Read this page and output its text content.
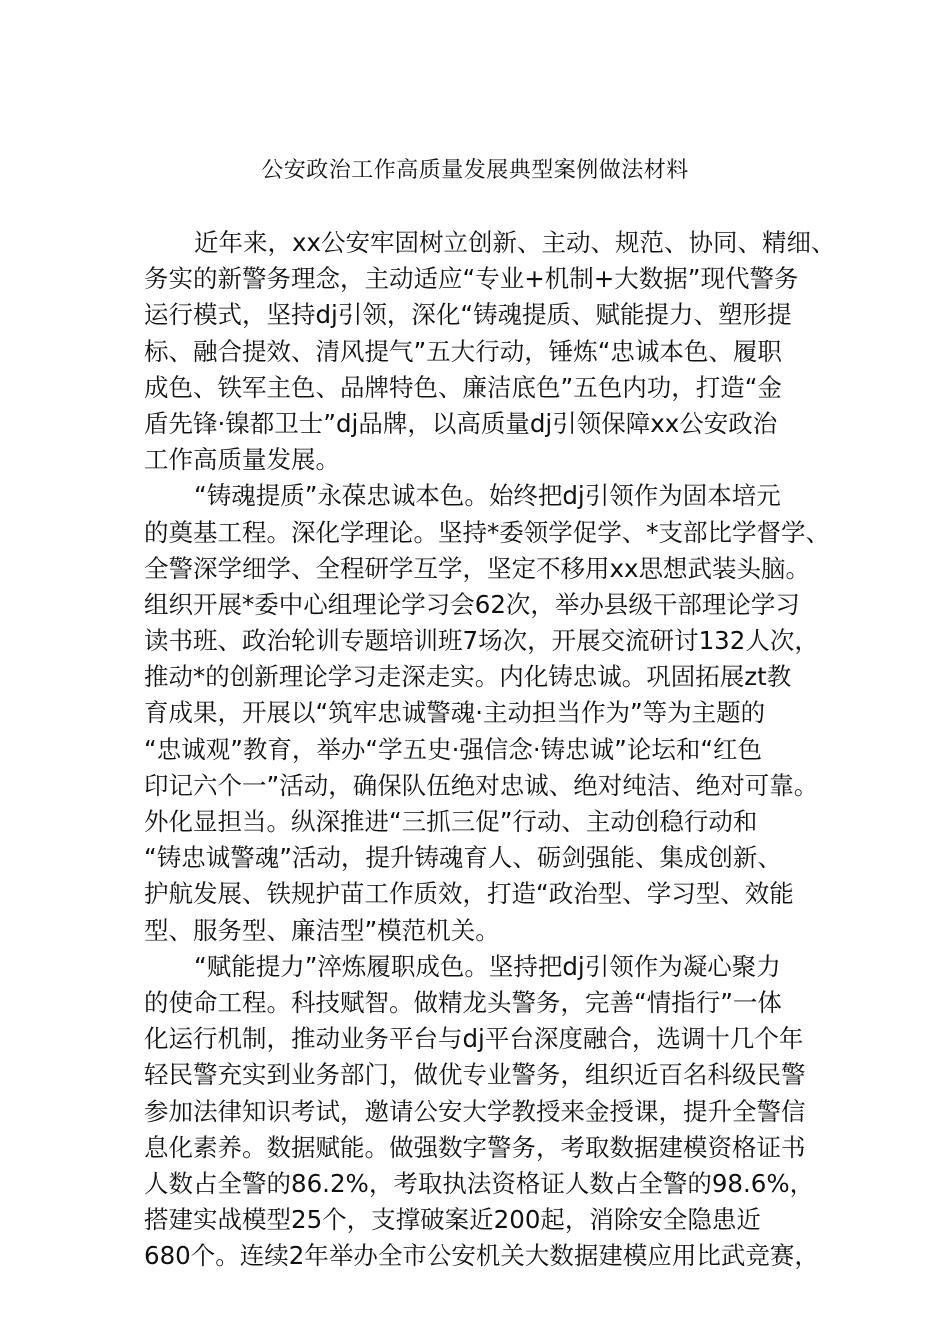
公安政治工作高质量发展典型案例做法材料
近年来，xx公安牢固树立创新、主动、规范、协同、精细、
务实的新警务理念，主动适应“专业+机制+大数据”现代警务
运行模式，坚持dj引领，深化“铸魂提质、赋能提力、塑形提
标、融合提效、清风提气”五大行动，锤炼“忠诚本色、履职
成色、铁军主色、品牌特色、廉洁底色”五色内功，打造“金
盾先锋·镍都卫士”dj品牌，以高质量dj引领保障xx公安政治
工作高质量发展。
“铸魂提质”永葆忠诚本色。始终把dj引领作为固本培元
的奠基工程。深化学理论。坚持*委领学促学、*支部比学督学、
全警深学细学、全程研学互学，坚定不移用xx思想武装头脑。
组织开展*委中心组理论学习会62次，举办县级干部理论学习
读书班、政治轮训专题培训班7场次，开展交流研讨132人次，
推动*的创新理论学习走深走实。内化铸忠诚。巩固拓展zt教
育成果，开展以“筑牢忠诚警魂·主动担当作为”等为主题的
“忠诚观”教育，举办“学五史·强信念·铸忠诚”论坛和“红色
印记六个一”活动，确保队伍绝对忠诚、绝对纯洁、绝对可靠。
外化显担当。纵深推进“三抓三促”行动、主动创稳行动和
“铸忠诚警魂”活动，提升铸魂育人、砺剑强能、集成创新、
护航发展、铁规护苗工作质效，打造“政治型、学习型、效能
型、服务型、廉洁型”模范机关。
“赋能提力”淬炼履职成色。坚持把dj引领作为凝心聚力
的使命工程。科技赋智。做精龙头警务，完善“情指行”一体
化运行机制，推动业务平台与dj平台深度融合，选调十几个年
轻民警充实到业务部门，做优专业警务，组织近百名科级民警
参加法律知识考试，邀请公安大学教授来金授课，提升全警信
息化素养。数据赋能。做强数字警务，考取数据建模资格证书
人数占全警的86.2%，考取执法资格证人数占全警的98.6%，
搭建实战模型25个，支撑破案近200起，消除安全隐患近
680个。连续2年举办全市公安机关大数据建模应用比武竞赛，
